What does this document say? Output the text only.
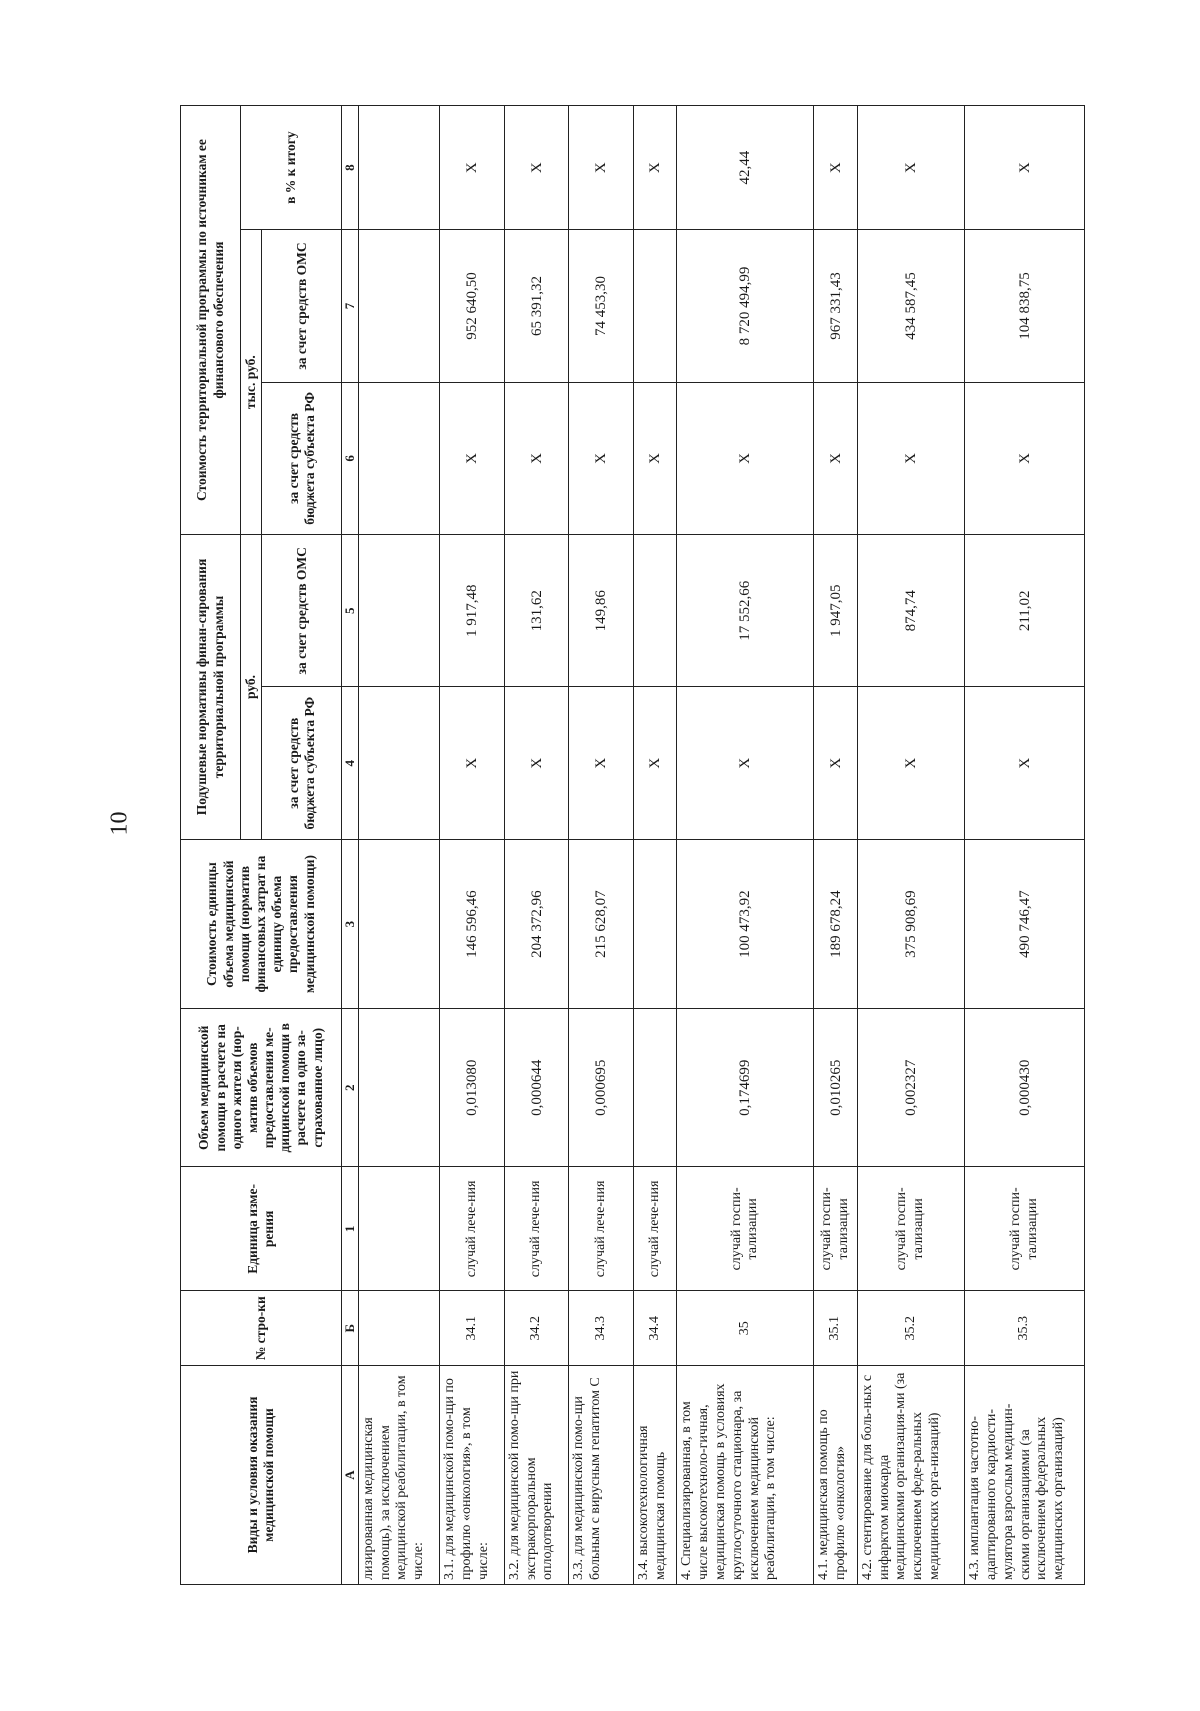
10
Виды и условия оказания медицинской помощи	№ стро-ки	Единица изме-рения	Объем медицинской помощи в расчете на одного жителя (нор-матив объемов предоставления ме-дицинской помощи в расчете на одно за-страхованное лицо)	Стоимость единицы объема медицинской помощи (норматив финансовых затрат на единицу объема предоставления медицинской помощи)	Подушевые нормативы финан-сирования территориальной программы		Стоимость территориальной программы по источникам ее финансового обеспечения		
					руб.		тыс. руб.		в % к итогу
					за счет средств бюджета субъекта РФ	за счет средств ОМС	за счет средств бюджета субъекта РФ	за счет средств ОМС	
А	Б	1	2	3	4	5	6	7	8
лизированная медицинская помощь), за исключением медицинской реабилитации, в том числе:									
3.1. для медицинской помо-щи по профилю «онкология», в том числе:	34.1	случай лече-ния	0,013080	146 596,46	Х	1 917,48	Х	952 640,50	Х
3.2. для медицинской помо-щи при экстракорпоральном оплодотворении	34.2	случай лече-ния	0,000644	204 372,96	Х	131,62	Х	65 391,32	Х
3.3. для медицинской помо-щи больным с вирусным гепатитом С	34.3	случай лече-ния	0,000695	215 628,07	Х	149,86	Х	74 453,30	Х
3.4. высокотехнологичная медицинская помощь	34.4	случай лече-ния			Х		Х		Х
4. Специализированная, в том числе высокотехноло-гичная, медицинская помощь в условиях круглосуточного стационара, за исключением медицинской реабилитации, в том числе:	35	случай госпи-тализации	0,174699	100 473,92	Х	17 552,66	Х	8 720 494,99	42,44
4.1. медицинская помощь по профилю «онкология»	35.1	случай госпи-тализации	0,010265	189 678,24	Х	1 947,05	Х	967 331,43	Х
4.2. стентирование для боль-ных с инфарктом миокарда медицинскими организация-ми (за исключением феде-ральных медицинских орга-низаций)	35.2	случай госпи-тализации	0,002327	375 908,69	Х	874,74	Х	434 587,45	Х
4.3. имплантация частотно-адаптированного кардиости-мулятора взрослым медицин-скими организациями (за исключением федеральных медицинских организаций)	35.3	случай госпи-тализации	0,000430	490 746,47	Х	211,02	Х	104 838,75	Х
